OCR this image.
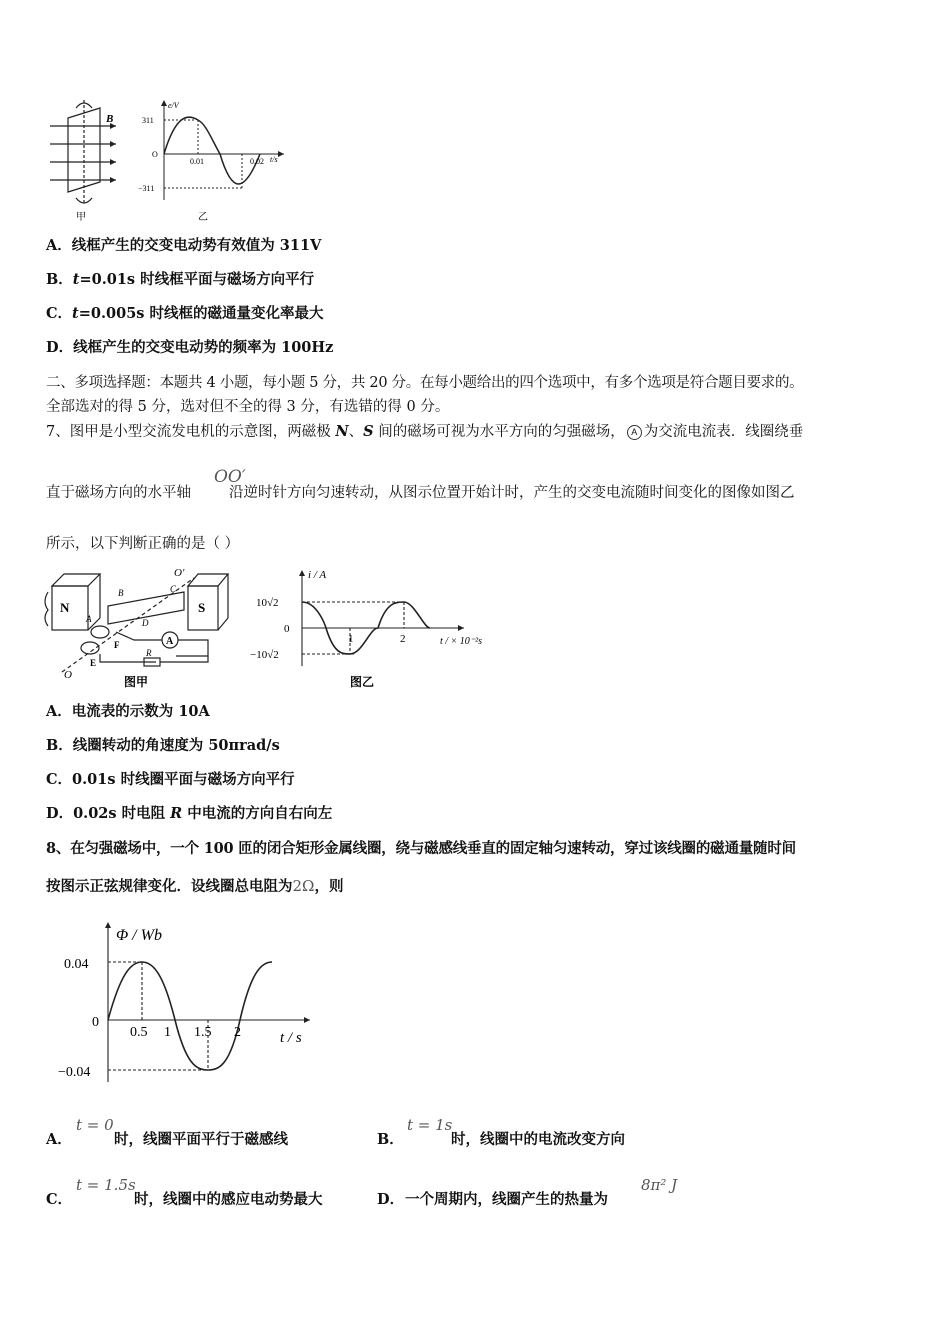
B
甲
e/V
t/s
311
−311
O
0.01	0.02
乙
A．线框产生的交变电动势有效值为 311V
B．t=0.01s 时线框平面与磁场方向平行
C．t=0.005s 时线框的磁通量变化率最大
D．线框产生的交变电动势的频率为 100Hz
二、多项选择题：本题共 4 小题，每小题 5 分，共 20 分。在每小题给出的四个选项中，有多个选项是符合题目要求的。
全部选对的得 5 分，选对但不全的得 3 分，有选错的得 0 分。
7、图甲是小型交流发电机的示意图，两磁极 N、S 间的磁场可视为水平方向的匀强磁场， A 为交流电流表．线圈绕垂
OO′
直于磁场方向的水平轴	沿逆时针方向匀速转动，从图示位置开始计时，产生的交变电流随时间变化的图像如图乙
所示，以下判断正确的是（ ）
A
N	S
O′
O
B	C
D
A
F
E
R
图甲
i / A
t / × 10⁻²s
10√2
−10√2
0
1	2
图乙
A．电流表的示数为 10A
B．线圈转动的角速度为 50πrad/s
C．0.01s 时线圈平面与磁场方向平行
D．0.02s 时电阻 R 中电流的方向自右向左
8、在匀强磁场中，一个 100 匝的闭合矩形金属线圈，绕与磁感线垂直的固定轴匀速转动，穿过该线圈的磁通量随时间
按图示正弦规律变化．设线圈总电阻为2Ω，则
Φ / Wb
t / s
0.04
−0.04
0
0.5 1 1.5 2
A．
t = 0
时，线圈平面平行于磁感线	B．
t = 1s
时，线圈中的电流改变方向
C．
t = 1.5s
时，线圈中的感应电动势最大	D． 一个周期内，线圈产生的热量为
8π² J
